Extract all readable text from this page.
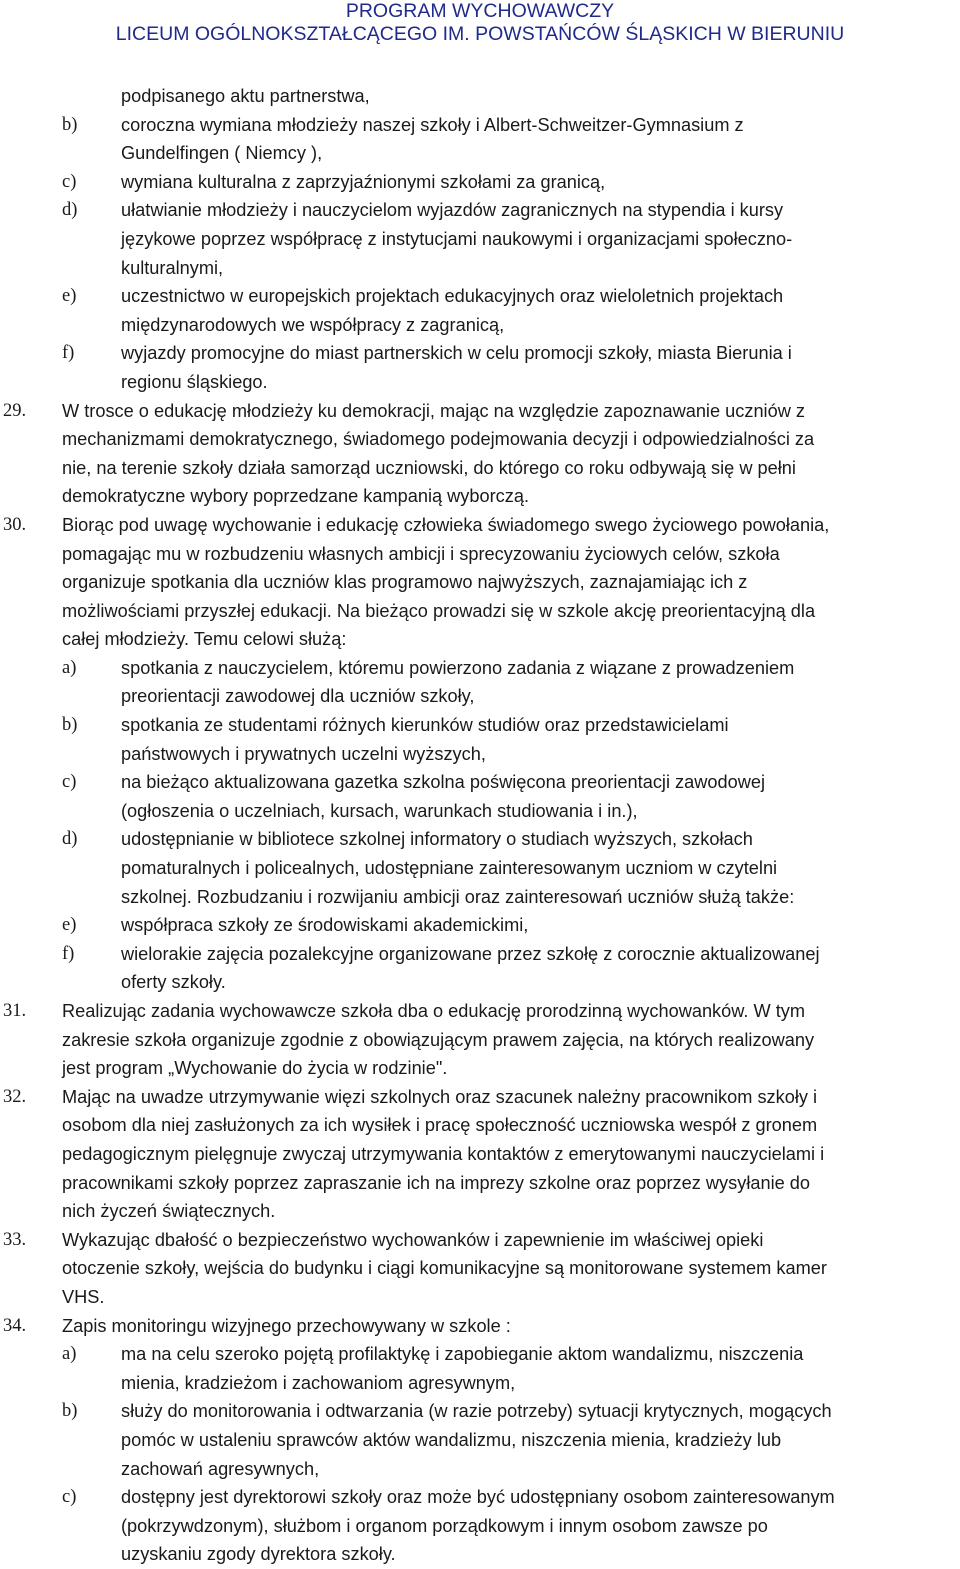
PROGRAM WYCHOWAWCZY
LICEUM OGÓLNOKSZTAŁCĄCEGO IM. POWSTAŃCÓW ŚLĄSKICH W BIERUNIU
podpisanego aktu partnerstwa,
b) coroczna wymiana młodzieży naszej szkoły i Albert-Schweitzer-Gymnasium z
Gundelfingen ( Niemcy ),
c) wymiana kulturalna z zaprzyjaźnionymi szkołami za granicą,
d) ułatwianie młodzieży i nauczycielom wyjazdów zagranicznych na stypendia i kursy
językowe poprzez współpracę z instytucjami naukowymi i organizacjami społeczno-
kulturalnymi,
e) uczestnictwo w europejskich projektach edukacyjnych oraz wieloletnich projektach
międzynarodowych we współpracy z zagranicą,
f)	wyjazdy promocyjne do miast partnerskich w celu promocji szkoły, miasta Bierunia i
regionu śląskiego.
29. W trosce o edukację młodzieży ku demokracji, mając na względzie zapoznawanie uczniów z
mechanizmami demokratycznego, świadomego podejmowania decyzji i odpowiedzialności za
nie, na terenie szkoły działa samorząd uczniowski, do którego co roku odbywają się w pełni
demokratyczne wybory poprzedzane kampanią wyborczą.
30. Biorąc pod uwagę wychowanie i edukację człowieka świadomego swego życiowego powołania,
pomagając mu w rozbudzeniu własnych ambicji i sprecyzowaniu życiowych celów, szkoła
organizuje spotkania dla uczniów klas programowo najwyższych, zaznajamiając ich z
możliwościami przyszłej edukacji. Na bieżąco prowadzi się w szkole akcję preorientacyjną dla
całej młodzieży. Temu celowi służą:
a) spotkania z nauczycielem, któremu powierzono zadania z wiązane z prowadzeniem
preorientacji zawodowej dla uczniów szkoły,
b) spotkania ze studentami różnych kierunków studiów oraz przedstawicielami
państwowych i prywatnych uczelni wyższych,
c) na bieżąco aktualizowana gazetka szkolna poświęcona preorientacji zawodowej
(ogłoszenia o uczelniach, kursach, warunkach studiowania i in.),
d) udostępnianie w bibliotece szkolnej informatory o studiach wyższych, szkołach
pomaturalnych i policealnych, udostępniane zainteresowanym uczniom w czytelni
szkolnej. Rozbudzaniu i rozwijaniu ambicji oraz zainteresowań uczniów służą także:
e) współpraca szkoły ze środowiskami akademickimi,
f)	wielorakie zajęcia pozalekcyjne organizowane przez szkołę z corocznie aktualizowanej
oferty szkoły.
31. Realizując zadania wychowawcze szkoła dba o edukację prorodzinną wychowanków. W tym
zakresie szkoła organizuje zgodnie z obowiązującym prawem zajęcia, na których realizowany
jest program „Wychowanie do życia w rodzinie".
32. Mając na uwadze utrzymywanie więzi szkolnych oraz szacunek należny pracownikom szkoły i
osobom dla niej zasłużonych za ich wysiłek i pracę społeczność uczniowska wespół z gronem
pedagogicznym pielęgnuje zwyczaj utrzymywania kontaktów z emerytowanymi nauczycielami i
pracownikami szkoły poprzez zapraszanie ich na imprezy szkolne oraz poprzez wysyłanie do
nich życzeń świątecznych.
33. Wykazując dbałość o bezpieczeństwo wychowanków i zapewnienie im właściwej opieki
otoczenie szkoły, wejścia do budynku i ciągi komunikacyjne są monitorowane systemem kamer
VHS.
34. Zapis monitoringu wizyjnego przechowywany w szkole :
a) ma na celu szeroko pojętą profilaktykę i zapobieganie aktom wandalizmu, niszczenia
mienia, kradzieżom i zachowaniom agresywnym,
b) służy do monitorowania i odtwarzania (w razie potrzeby) sytuacji krytycznych, mogących
pomóc w ustaleniu sprawców aktów wandalizmu, niszczenia mienia, kradzieży lub
zachowań agresywnych,
c) dostępny jest dyrektorowi szkoły oraz może być udostępniany osobom zainteresowanym
(pokrzywdzonym), służbom i organom porządkowym i innym osobom zawsze po
uzyskaniu zgody dyrektora szkoły.
